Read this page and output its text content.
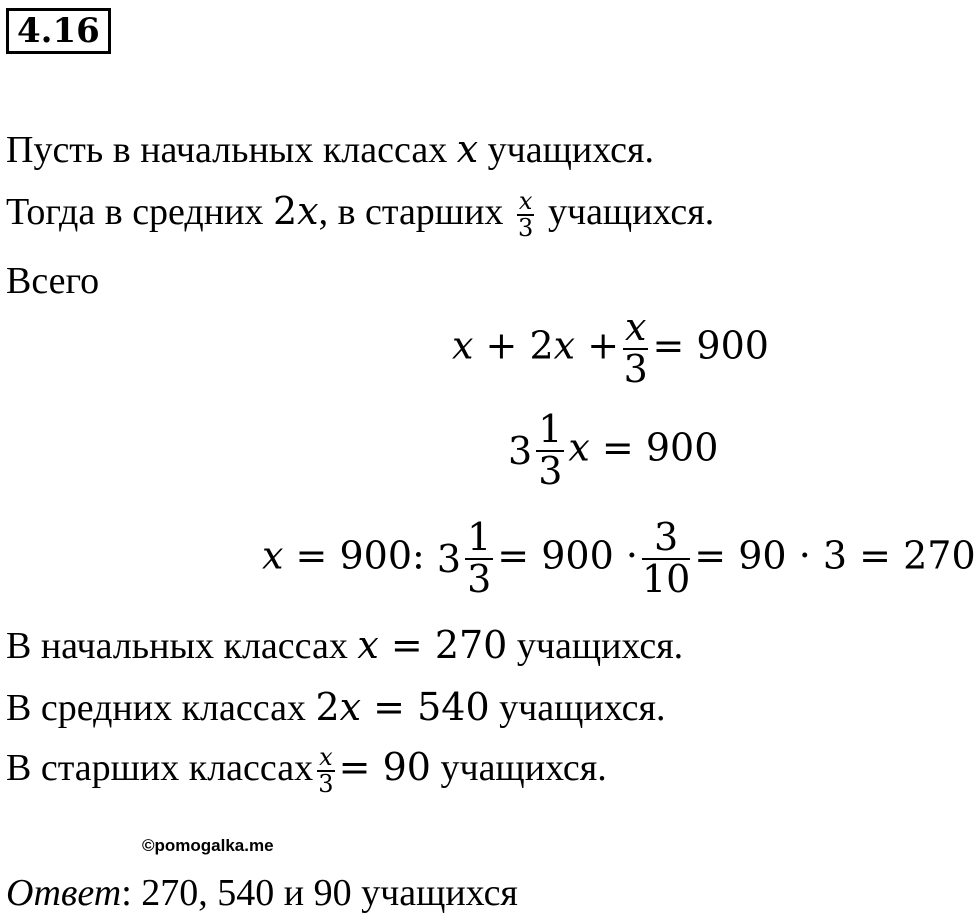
4.16
Пусть в начальных классах x учащихся.
Тогда в средних 2x, в старших $\frac{x}{3}$ учащихся.
Всего
$x + 2x + \frac{x}{3} = 900$
$3 \frac{1}{3}$ x = 900
x = 900: $3 \frac{1}{3} = 900 \cdot \frac{3}{10} = 90 \cdot 3 = 270$
В начальных классах x = 270 учащихся.
В средних классах 2x = 540 учащихся.
В старших классах $\frac{x}{3} = 90$ учащихся.
©pomogalka.me
Ответ: 270, 540 и 90 учащихся
